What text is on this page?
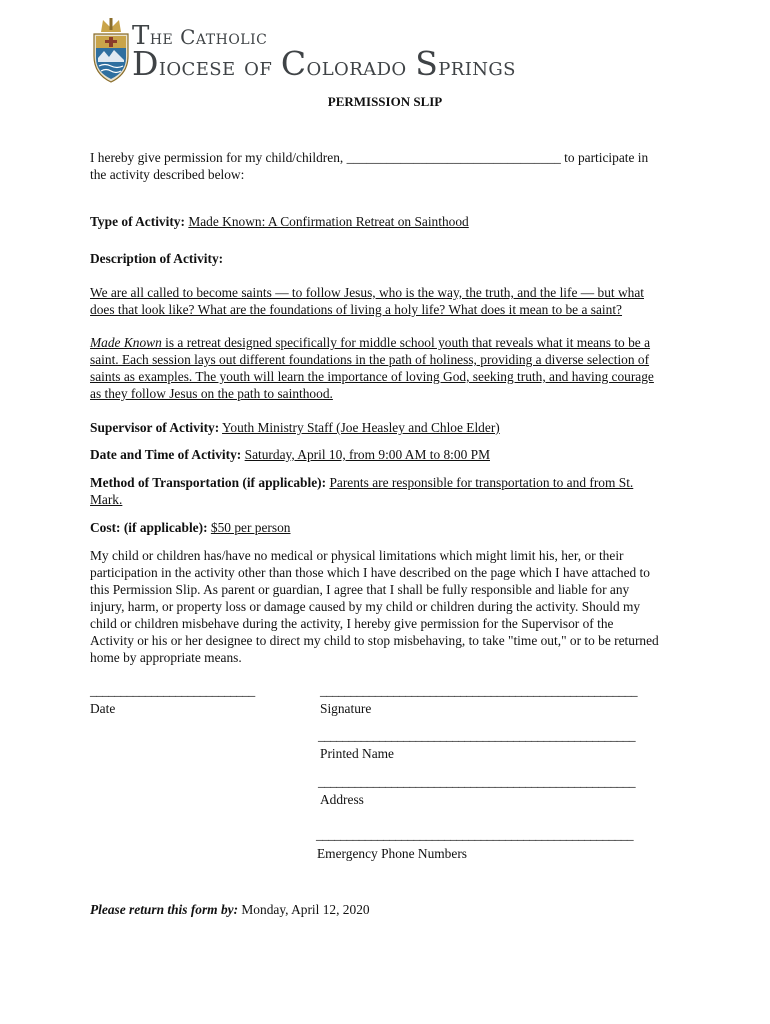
The Catholic
Diocese of Colorado Springs
PERMISSION SLIP
I hereby give permission for my child/children, ________________________________ to participate in
the activity described below:
Type of Activity: Made Known: A Confirmation Retreat on Sainthood
Description of Activity:
We are all called to become saints — to follow Jesus, who is the way, the truth, and the life — but what
does that look like? What are the foundations of living a holy life? What does it mean to be a saint?
Made Known is a retreat designed specifically for middle school youth that reveals what it means to be a
saint. Each session lays out different foundations in the path of holiness, providing a diverse selection of
saints as examples. The youth will learn the importance of loving God, seeking truth, and having courage
as they follow Jesus on the path to sainthood.
Supervisor of Activity: Youth Ministry Staff (Joe Heasley and Chloe Elder)
Date and Time of Activity: Saturday, April 10, from 9:00 AM to 8:00 PM
Method of Transportation (if applicable): Parents are responsible for transportation to and from St.
Mark.
Cost: (if applicable): $50 per person
My child or children has/have no medical or physical limitations which might limit his, her, or their
participation in the activity other than those which I have described on the page which I have attached to
this Permission Slip. As parent or guardian, I agree that I shall be fully responsible and liable for any
injury, harm, or property loss or damage caused by my child or children during the activity. Should my
child or children misbehave during the activity, I hereby give permission for the Supervisor of the
Activity or his or her designee to direct my child to stop misbehaving, to take "time out," or to be returned
home by appropriate means.
___________________________
Date
____________________________________________________
Signature
____________________________________________________
Printed Name
____________________________________________________
Address
____________________________________________________
Emergency Phone Numbers
Please return this form by: Monday, April 12, 2020
